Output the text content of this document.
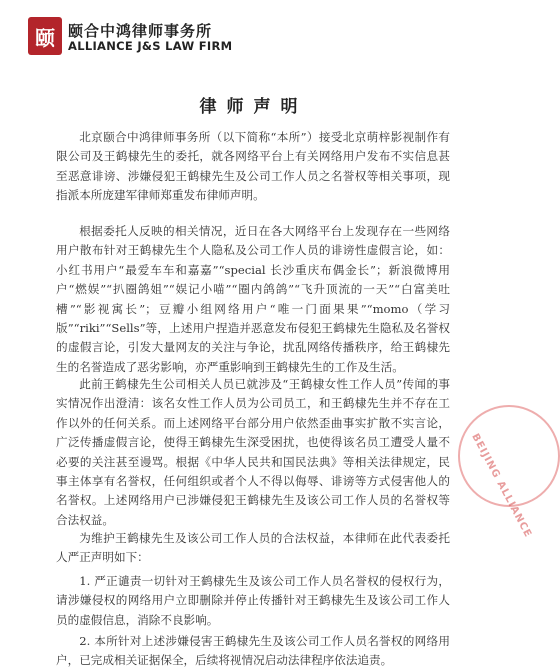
颐 颐合中鸿律师事务所
ALLIANCE J&S LAW FIRM
律师声明

北京颐合中鸿律师事务所（以下简称“本所”）接受北京萌梓影视制作有限公司及王鹤棣先生的委托，就各网络平台上有关网络用户发布不实信息甚至恶意诽谤、涉嫌侵犯王鹤棣先生及公司工作人员之名誉权等相关事项，现指派本所庞建军律师郑重发布律师声明。

根据委托人反映的相关情况，近日在各大网络平台上发现存在一些网络用户散布针对王鹤棣先生个人隐私及公司工作人员的诽谤性虚假言论，如：小红书用户“最爱车车和嘉嘉”“special 长沙重庆布偶金长”；新浪微博用户“燃娱”“扒圈鸽姐”“娱记小喵”“圈内鸽鸽”“飞升顶流的一天”“白富美吐槽”“影视寓长”；豆瓣小组网络用户“唯一门面果果”“momo（学习版”“riki”“Sells”等，上述用户捏造并恶意发布侵犯王鹤棣先生隐私及名誉权的虚假言论，引发大量网友的关注与争论，扰乱网络传播秩序，给王鹤棣先生的名誉造成了恶劣影响，亦严重影响到王鹤棣先生的工作及生活。

此前王鹤棣先生公司相关人员已就涉及“王鹤棣女性工作人员”传闻的事实情况作出澄清：该名女性工作人员为公司员工，和王鹤棣先生并不存在工作以外的任何关系。而上述网络平台部分用户依然歪曲事实扩散不实言论，广泛传播虚假言论，使得王鹤棣先生深受困扰，也使得该名员工遭受人量不必要的关注甚至谩骂。根据《中华人民共和国民法典》等相关法律规定，民事主体享有名誉权，任何组织或者个人不得以侮辱、诽谤等方式侵害他人的名誉权。上述网络用户已涉嫌侵犯王鹤棣先生及该公司工作人员的名誉权等合法权益。

为维护王鹤棣先生及该公司工作人员的合法权益，本律师在此代表委托人严正声明如下：

1. 严正谴责一切针对王鹤棣先生及该公司工作人员名誉权的侵权行为，请涉嫌侵权的网络用户立即删除并停止传播针对王鹤棣先生及该公司工作人员的虚假信息，消除不良影响。

2. 本所针对上述涉嫌侵害王鹤棣先生及该公司工作人员名誉权的网络用户，已完成相关证据保全，后续将视情况启动法律程序依法追责。

BEIJING ALLIANCE
